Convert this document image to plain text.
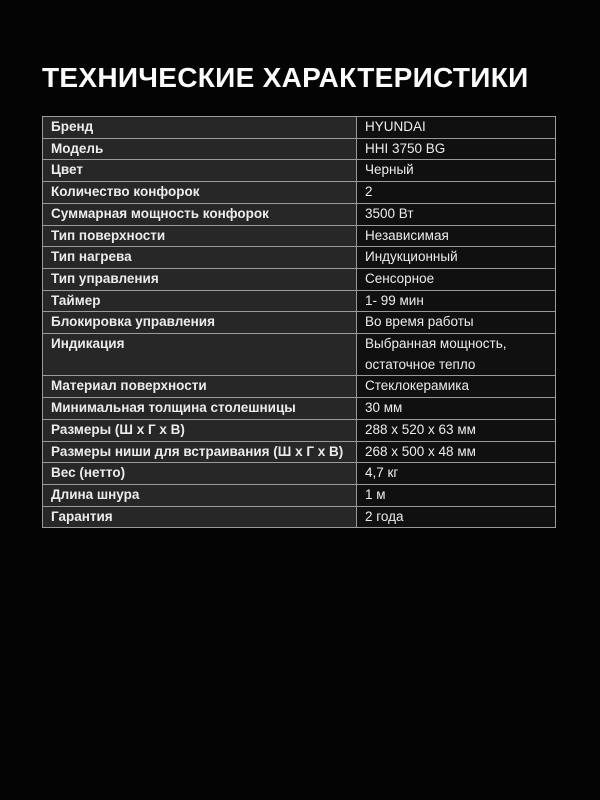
ТЕХНИЧЕСКИЕ ХАРАКТЕРИСТИКИ
Бренд	HYUNDAI
Модель	HHI 3750 BG
Цвет	Черный
Количество конфорок	2
Суммарная мощность конфорок	3500 Вт
Тип поверхности	Независимая
Тип нагрева	Индукционный
Тип управления	Сенсорное
Таймер	1- 99 мин
Блокировка управления	Во время работы
Индикация	Выбранная мощность, остаточное тепло
Материал поверхности	Стеклокерамика
Минимальная толщина столешницы	30 мм
Размеры (Ш х Г х В)	288 x 520 x 63 мм
Размеры ниши для встраивания (Ш х Г х В)	268 x 500 x 48 мм
Вес (нетто)	4,7 кг
Длина шнура	1 м
Гарантия	2 года
